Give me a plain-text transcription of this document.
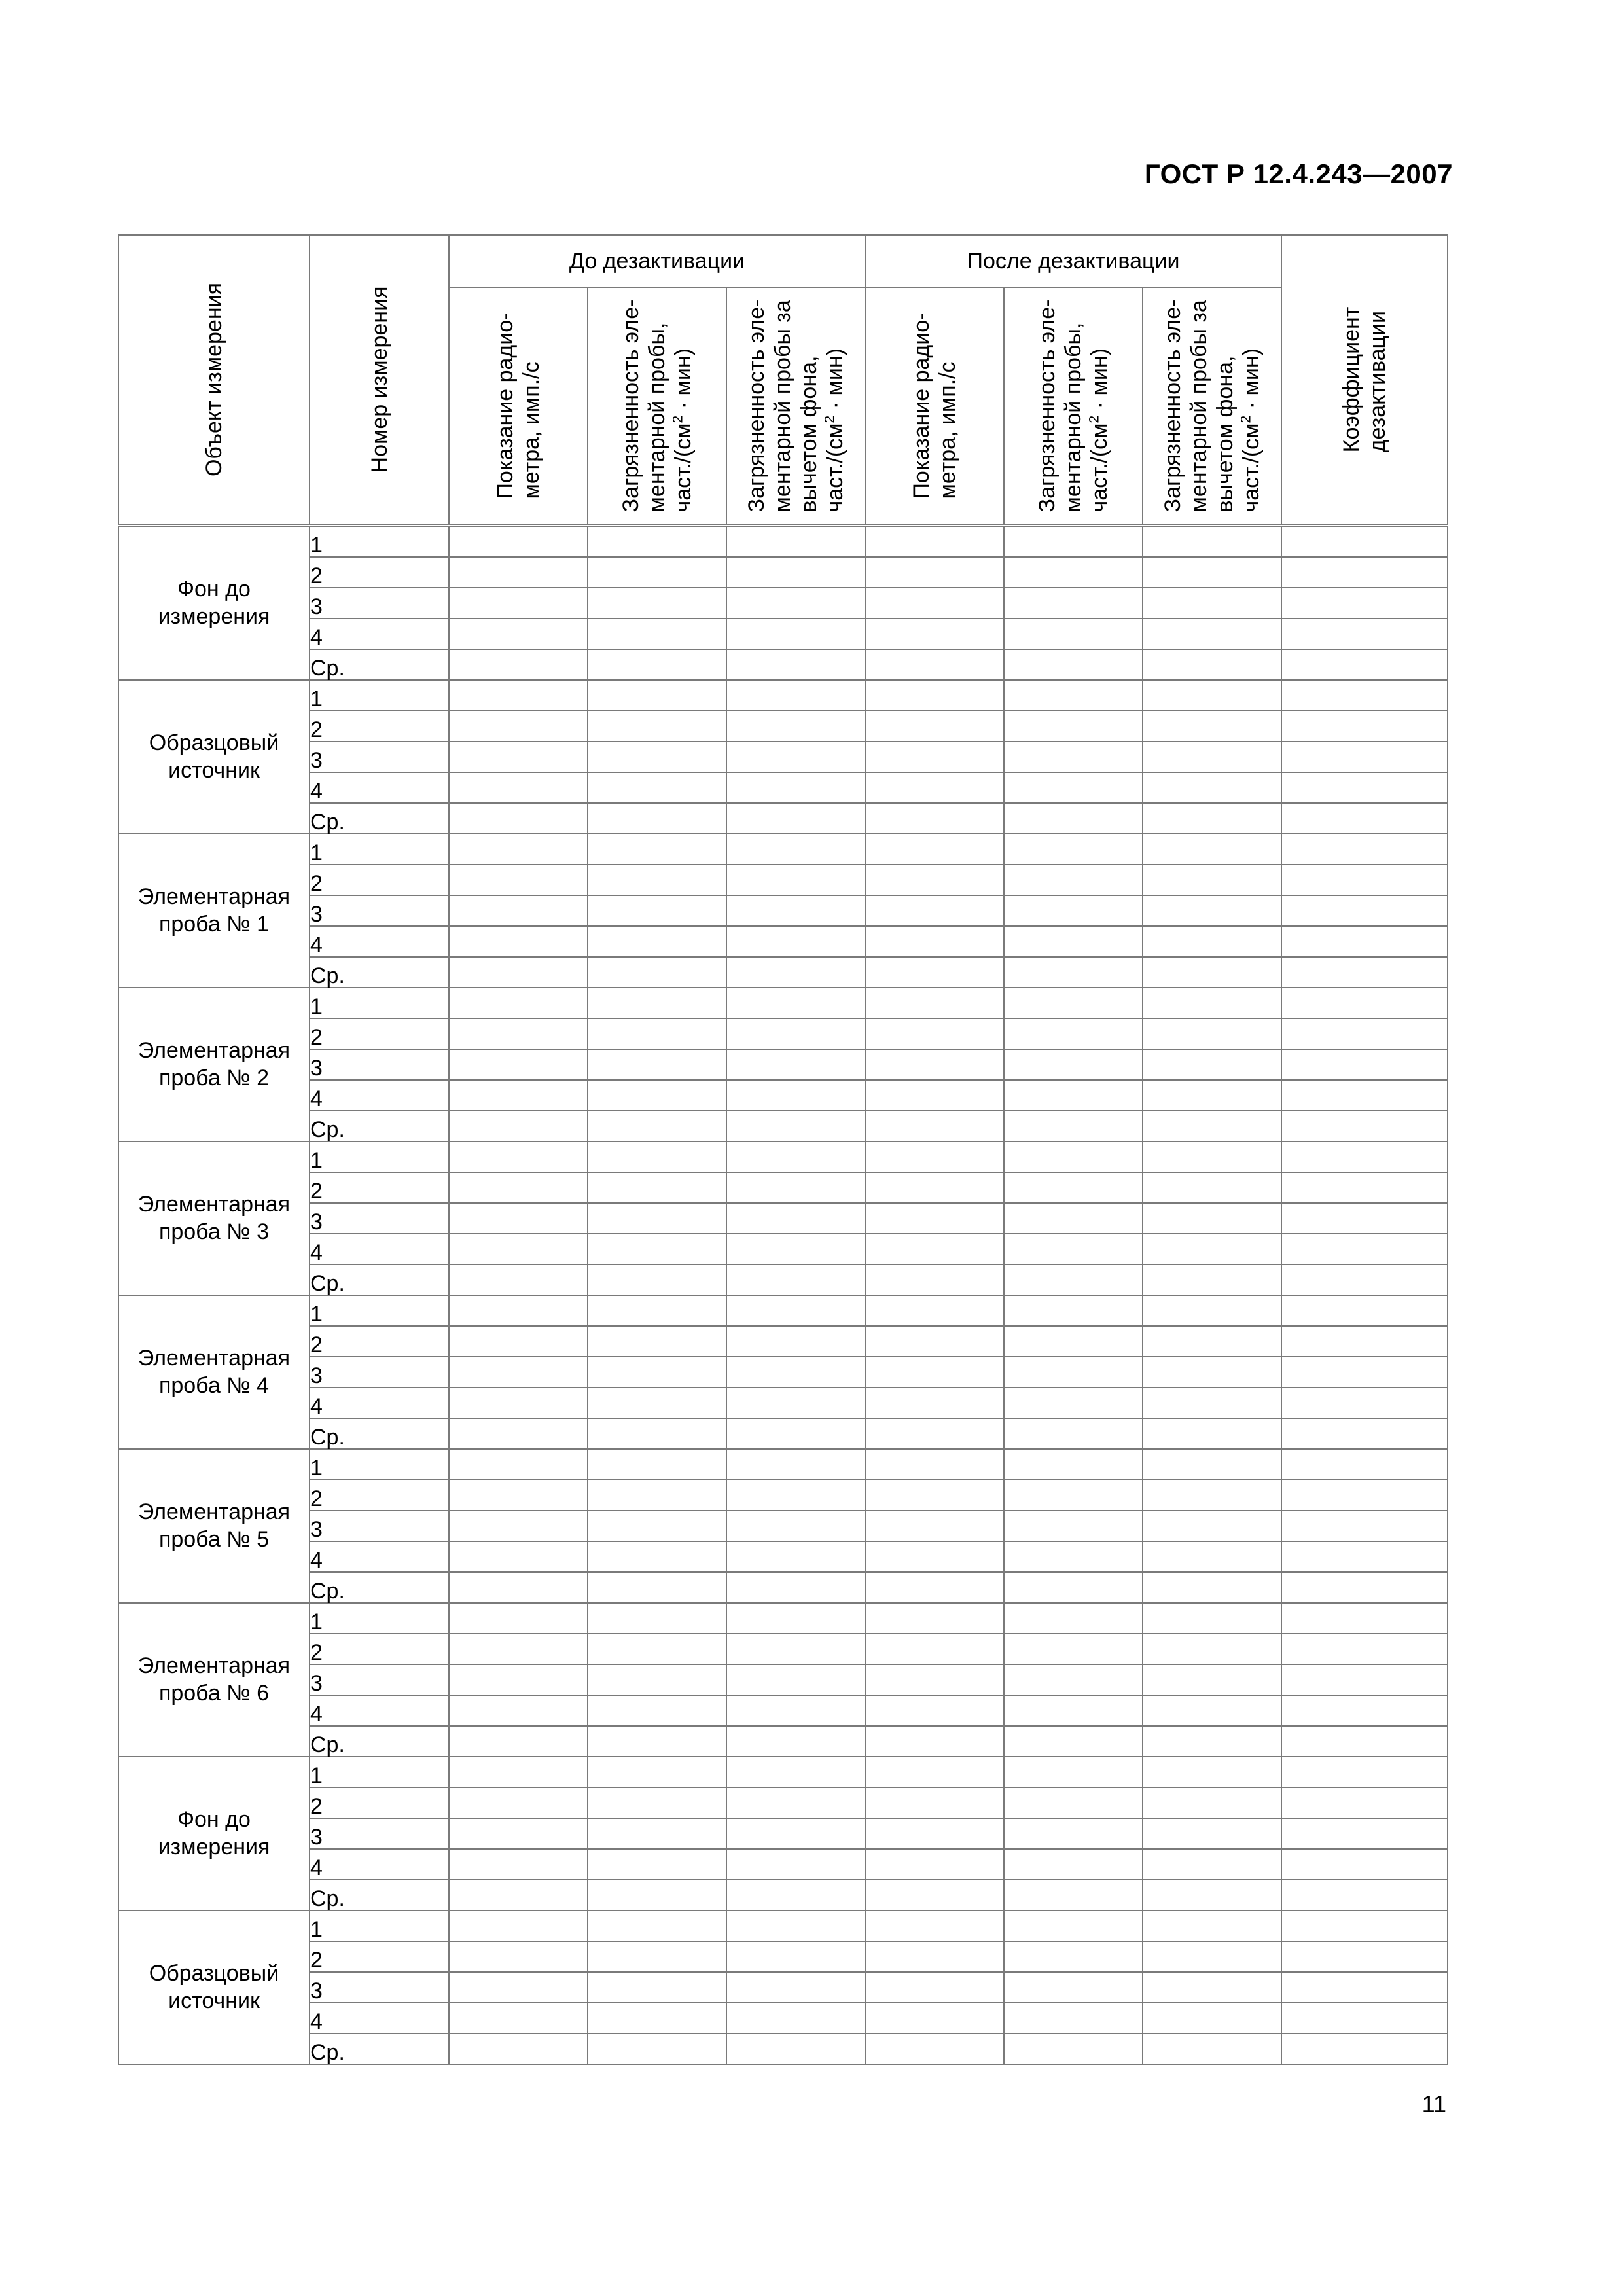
ГОСТ Р 12.4.243—2007
Объект измерения	Номер измерения	До дезактивации			После дезактивации			Коэффициент
дезактивации

		Показание радио-
метра, имп./с	Загрязненность эле-
ментарной пробы,
$част./(см^2 \cdot мин)$	Загрязненность эле-
ментарной пробы за
вычетом фона,
$част./(см^2 \cdot мин)$	Показание радио-
метра, имп./с	Загрязненность эле-
ментарной пробы,
$част./(см^2 \cdot мин)$	Загрязненность эле-
ментарной пробы за
вычетом фона,
$част./(см^2 \cdot мин)$	

Фон до
измерения	1							
	2							
	3							
	4							
	Ср.							
Образцовый
источник	1							
	2							
	3							
	4							
	Ср.							
Элементарная
проба № 1	1							
	2							
	3							
	4							
	Ср.							
Элементарная
проба № 2	1							
	2							
	3							
	4							
	Ср.							
Элементарная
проба № 3	1							
	2							
	3							
	4							
	Ср.							
Элементарная
проба № 4	1							
	2							
	3							
	4							
	Ср.							
Элементарная
проба № 5	1							
	2							
	3							
	4							
	Ср.							
Элементарная
проба № 6	1							
	2							
	3							
	4							
	Ср.							
Фон до
измерения	1							
	2							
	3							
	4							
	Ср.							
Образцовый
источник	1							
	2							
	3							
	4							
	Ср.							
11
